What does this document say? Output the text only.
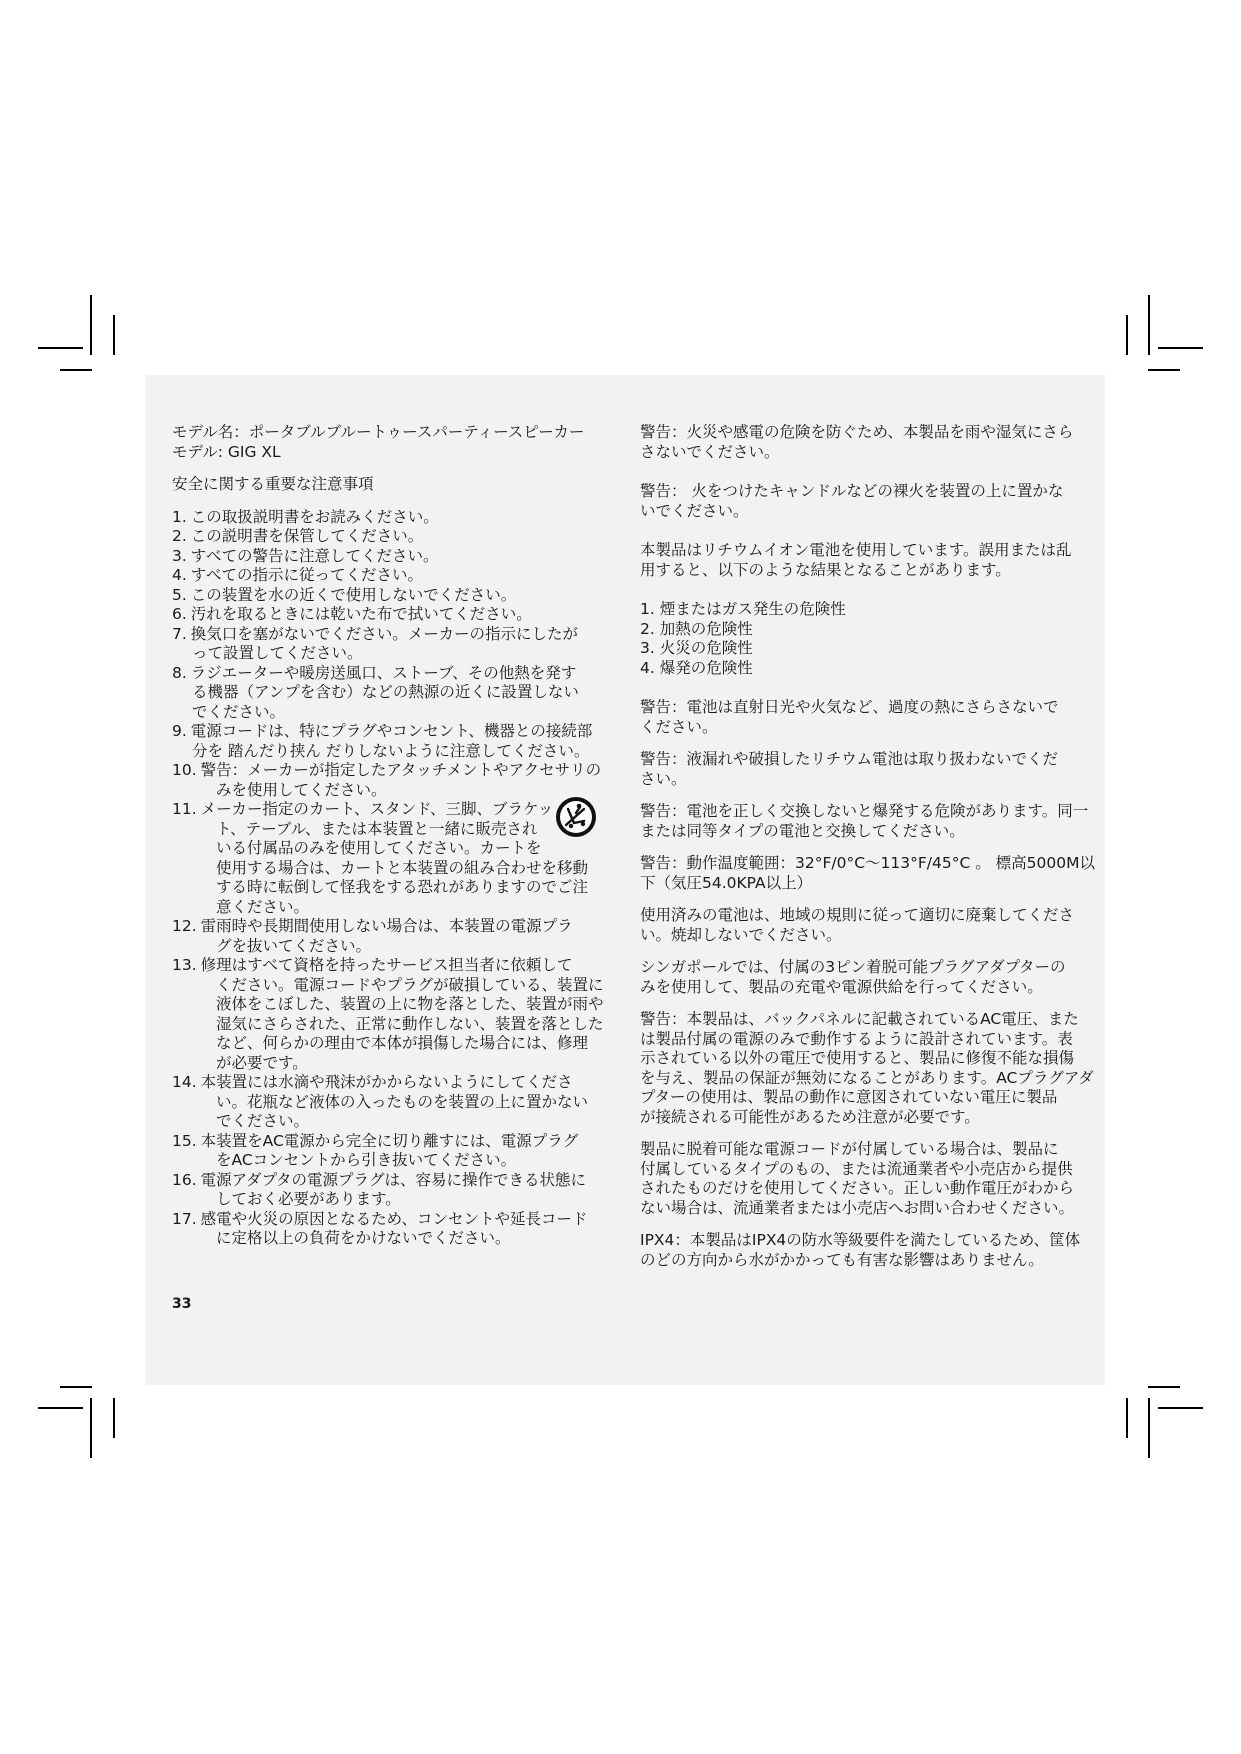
モデル名：ポータブルブルートゥースパーティースピーカー
モデル: GIG XL
安全に関する重要な注意事項
1. この取扱説明書をお読みください。
2. この説明書を保管してください。
3. すべての警告に注意してください。
4. すべての指示に従ってください。
5. この装置を水の近くで使用しないでください。
6. 汚れを取るときには乾いた布で拭いてください。
7. 換気口を塞がないでください。メーカーの指示にしたが
って設置してください。
8. ラジエーターや暖房送風口、ストーブ、その他熱を発す
る機器（アンプを含む）などの熱源の近くに設置しない
でください。
9. 電源コードは、特にプラグやコンセント、機器との接続部
分を 踏んだり挟ん だりしないように注意してください。
10. 警告：メーカーが指定したアタッチメントやアクセサリの
みを使用してください。
11. メーカー指定のカート、スタンド、三脚、ブラケッ
ト、テーブル、または本装置と一緒に販売され
いる付属品のみを使用してください。カートを
使用する場合は、カートと本装置の組み合わせを移動
する時に転倒して怪我をする恐れがありますのでご注
意ください。
12. 雷雨時や長期間使用しない場合は、本装置の電源プラ
グを抜いてください。
13. 修理はすべて資格を持ったサービス担当者に依頼して
ください。電源コードやプラグが破損している、装置に
液体をこぼした、装置の上に物を落とした、装置が雨や
湿気にさらされた、正常に動作しない、装置を落とした
など、何らかの理由で本体が損傷した場合には、修理
が必要です。
14. 本装置には水滴や飛沫がかからないようにしてくださ
い。花瓶など液体の入ったものを装置の上に置かない
でください。
15. 本装置をAC電源から完全に切り離すには、電源プラグ
をACコンセントから引き抜いてください。
16. 電源アダプタの電源プラグは、容易に操作できる状態に
しておく必要があります。
17. 感電や火災の原因となるため、コンセントや延長コード
に定格以上の負荷をかけないでください。
警告：火災や感電の危険を防ぐため、本製品を雨や湿気にさら
さないでください。
警告： 火をつけたキャンドルなどの裸火を装置の上に置かな
いでください。
本製品はリチウムイオン電池を使用しています。誤用または乱
用すると、以下のような結果となることがあります。
1. 煙またはガス発生の危険性
2. 加熱の危険性
3. 火災の危険性
4. 爆発の危険性
警告：電池は直射日光や火気など、過度の熱にさらさないで
ください。
警告：液漏れや破損したリチウム電池は取り扱わないでくだ
さい。
警告：電池を正しく交換しないと爆発する危険があります。同一
または同等タイプの電池と交換してください。
警告：動作温度範囲：32°F/0°C～113°F/45°C 。 標高5000M以
下（気圧54.0KPA以上）
使用済みの電池は、地域の規則に従って適切に廃棄してくださ
い。焼却しないでください。
シンガポールでは、付属の3ピン着脱可能プラグアダプターの
みを使用して、製品の充電や電源供給を行ってください。
警告：本製品は、バックパネルに記載されているAC電圧、また
は製品付属の電源のみで動作するように設計されています。表
示されている以外の電圧で使用すると、製品に修復不能な損傷
を与え、製品の保証が無効になることがあります。ACプラグアダ
プターの使用は、製品の動作に意図されていない電圧に製品
が接続される可能性があるため注意が必要です。
製品に脱着可能な電源コードが付属している場合は、製品に
付属しているタイプのもの、または流通業者や小売店から提供
されたものだけを使用してください。正しい動作電圧がわから
ない場合は、流通業者または小売店へお問い合わせください。
IPX4：本製品はIPX4の防水等級要件を満たしているため、筐体
のどの方向から水がかかっても有害な影響はありません。
33
